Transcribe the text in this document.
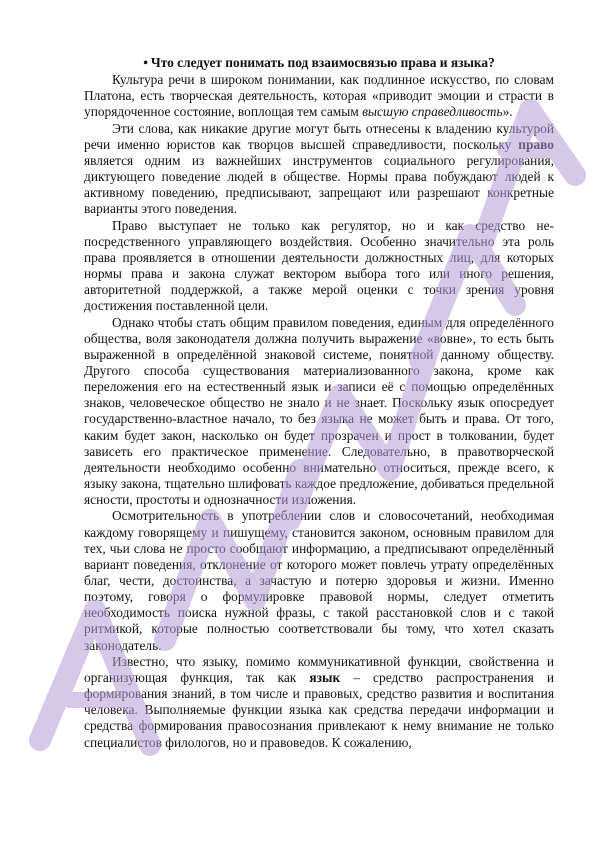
• Что следует понимать под взаимосвязью права и языка?

Культура речи в широком понимании, как подлинное искусство, по словам Платона, есть творческая деятельность, которая «приводит эмоции и страсти в упорядоченное состояние, воплощая тем самым высшую справедливость».

Эти слова, как никакие другие могут быть отнесены к владению культурой речи именно юристов как творцов высшей справедливости, поскольку право является одним из важнейших инструментов социального регулирования, диктующего поведение людей в обществе. Нормы права побуждают людей к активному поведению, предписывают, запрещают или разрешают конкретные варианты этого поведения.

Право выступает не только как регулятор, но и как средство не-посредственного управляющего воздействия. Особенно значительно эта роль права проявляется в отношении деятельности должностных лиц, для которых нормы права и закона служат вектором выбора того или иного решения, авторитетной поддержкой, а также мерой оценки с точки зрения уровня достижения поставленной цели.

Однако чтобы стать общим правилом поведения, единым для определённого общества, воля законодателя должна получить выражение «вовне», то есть быть выраженной в определённой знаковой системе, понятной данному обществу. Другого способа существования материализованного закона, кроме как переложения его на естественный язык и записи её с помощью определённых знаков, человеческое общество не знало и не знает. Поскольку язык опосредует государственно-властное начало, то без языка не может быть и права. От того, каким будет закон, насколько он будет прозрачен и прост в толковании, будет зависеть его практическое применение. Следовательно, в правотворческой деятельности необходимо особенно внимательно относиться, прежде всего, к языку закона, тщательно шлифовать каждое предложение, добиваться предельной ясности, простоты и однозначности изложения.

Осмотрительность в употреблении слов и словосочетаний, необходимая каждому говорящему и пишущему, становится законом, основным правилом для тех, чьи слова не просто сообщают информацию, а предписывают определённый вариант поведения, отклонение от которого может повлечь утрату определённых благ, чести, достоинства, а зачастую и потерю здоровья и жизни. Именно поэтому, говоря о формулировке правовой нормы, следует отметить необходимость поиска нужной фразы, с такой расстановкой слов и с такой ритмикой, которые полностью соответствовали бы тому, что хотел сказать законодатель.

Известно, что языку, помимо коммуникативной функции, свойственна и организующая функция, так как язык – средство распространения и формирования знаний, в том числе и правовых, средство развития и воспитания человека. Выполняемые функции языка как средства передачи информации и средства формирования правосознания привлекают к нему внимание не только специалистов филологов, но и правоведов. К сожалению,
